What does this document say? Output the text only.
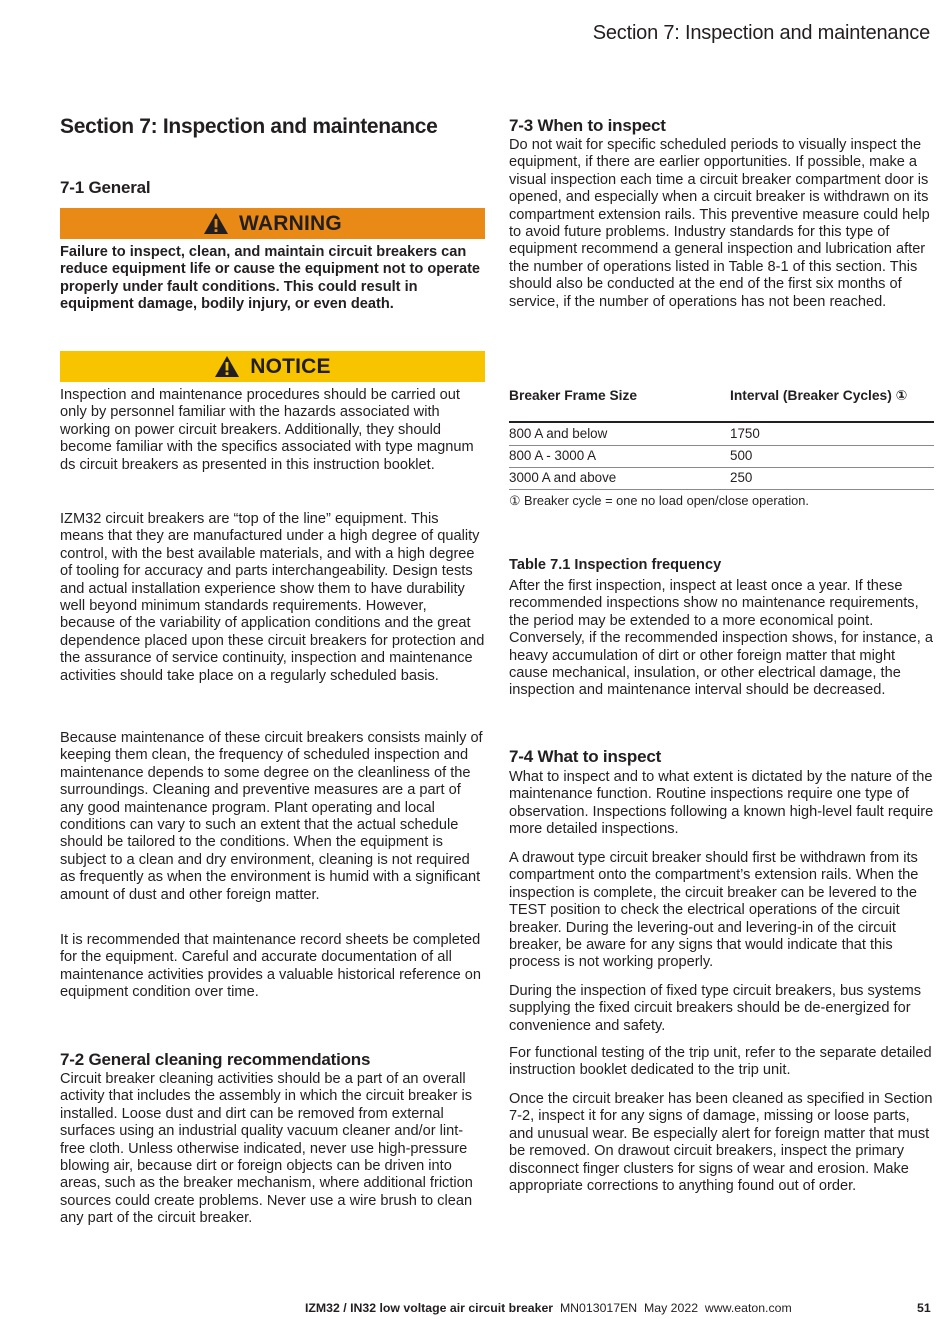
Section 7: Inspection and maintenance
Section 7: Inspection and maintenance
7-1 General
WARNING
Failure to inspect, clean, and maintain circuit breakers can reduce equipment life or cause the equipment not to operate properly under fault conditions. This could result in equipment damage, bodily injury, or even death.
NOTICE

Inspection and maintenance procedures should be carried out only by personnel familiar with the hazards associated with working on power circuit breakers. Additionally, they should become familiar with the specifics associated with type magnum ds circuit breakers as presented in this instruction booklet.

IZM32 circuit breakers are “top of the line” equipment. This means that they are manufactured under a high degree of quality control, with the best available materials, and with a high degree of tooling for accuracy and parts interchangeability. Design tests and actual installation experience show them to have durability well beyond minimum standards requirements. However, because of the variability of application conditions and the great dependence placed upon these circuit breakers for protection and the assurance of service continuity, inspection and maintenance activities should take place on a regularly scheduled basis.

Because maintenance of these circuit breakers consists mainly of keeping them clean, the frequency of scheduled inspection and maintenance depends to some degree on the cleanliness of the surroundings. Cleaning and preventive measures are a part of any good maintenance program. Plant operating and local conditions can vary to such an extent that the actual schedule should be tailored to the conditions. When the equipment is subject to a clean and dry environment, cleaning is not required as frequently as when the environment is humid with a significant amount of dust and other foreign matter.

It is recommended that maintenance record sheets be completed for the equipment. Careful and accurate documentation of all maintenance activities provides a valuable historical reference on equipment condition over time.

7-2 General cleaning recommendations

Circuit breaker cleaning activities should be a part of an overall activity that includes the assembly in which the circuit breaker is installed. Loose dust and dirt can be removed from external surfaces using an industrial quality vacuum cleaner and/or lint-free cloth. Unless otherwise indicated, never use high-pressure blowing air, because dirt or foreign objects can be driven into areas, such as the breaker mechanism, where additional friction sources could create problems. Never use a wire brush to clean any part of the circuit breaker.

7-3 When to inspect

Do not wait for specific scheduled periods to visually inspect the equipment, if there are earlier opportunities. If possible, make a visual inspection each time a circuit breaker compartment door is opened, and especially when a circuit breaker is withdrawn on its compartment extension rails. This preventive measure could help to avoid future problems. Industry standards for this type of equipment recommend a general inspection and lubrication after the number of operations listed in Table 8-1 of this section. This should also be conducted at the end of the first six months of service, if the number of operations has not been reached.

Breaker Frame Size	Interval (Breaker Cycles) ①
800 A and below	1750
800 A - 3000 A	500
3000 A and above	250
① Breaker cycle = one no load open/close operation.
Table 7.1 Inspection frequency

After the first inspection, inspect at least once a year. If these recommended inspections show no maintenance requirements, the period may be extended to a more economical point. Conversely, if the recommended inspection shows, for instance, a heavy accumulation of dirt or other foreign matter that might cause mechanical, insulation, or other electrical damage, the inspection and maintenance interval should be decreased.

7-4 What to inspect

What to inspect and to what extent is dictated by the nature of the maintenance function. Routine inspections require one type of observation. Inspections following a known high-level fault require more detailed inspections.

A drawout type circuit breaker should first be withdrawn from its compartment onto the compartment’s extension rails. When the inspection is complete, the circuit breaker can be levered to the TEST position to check the electrical operations of the circuit breaker. During the levering-out and levering-in of the circuit breaker, be aware for any signs that would indicate that this process is not working properly.

During the inspection of fixed type circuit breakers, bus systems supplying the fixed circuit breakers should be de-energized for convenience and safety.

For functional testing of the trip unit, refer to the separate detailed instruction booklet dedicated to the trip unit.

Once the circuit breaker has been cleaned as specified in Section 7-2, inspect it for any signs of damage, missing or loose parts, and unusual wear. Be especially alert for foreign matter that must be removed. On drawout circuit breakers, inspect the primary disconnect finger clusters for signs of wear and erosion. Make appropriate corrections to anything found out of order.

IZM32 / IN32 low voltage air circuit breaker MN013017EN May 2022 www.eaton.com	51
